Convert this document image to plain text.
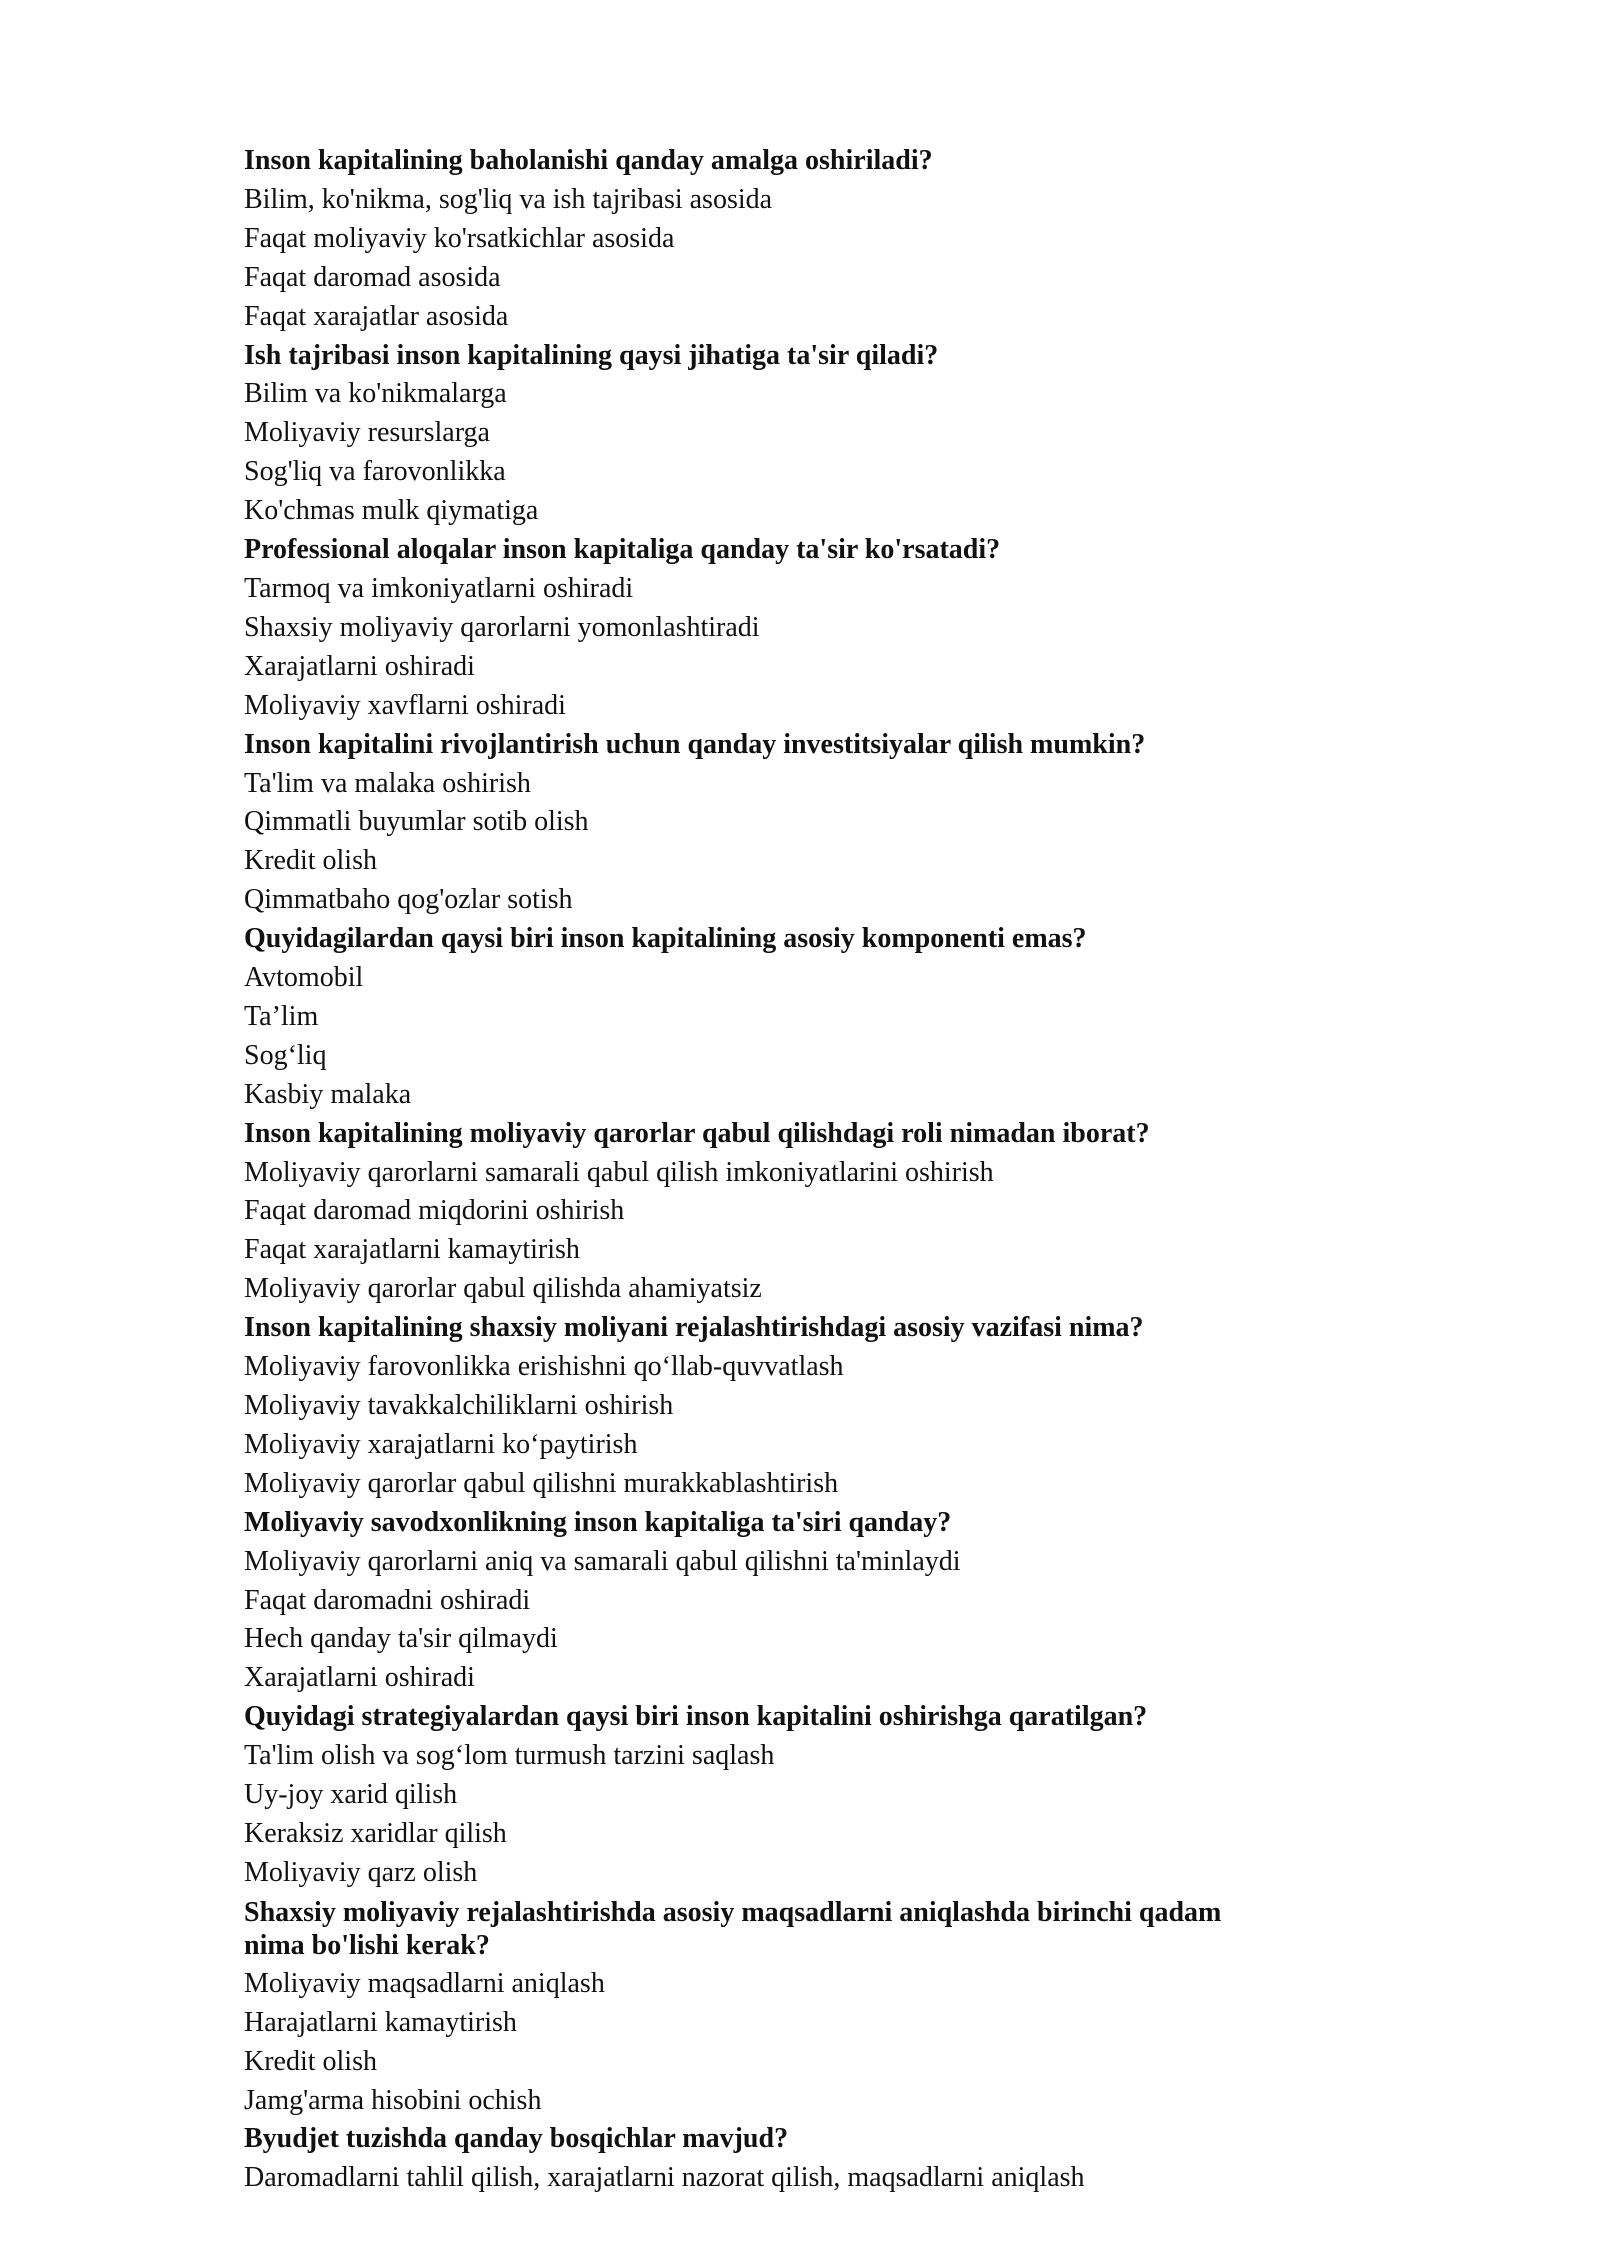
Inson kapitalining baholanishi qanday amalga oshiriladi?

Bilim, ko'nikma, sog'liq va ish tajribasi asosida

Faqat moliyaviy ko'rsatkichlar asosida

Faqat daromad asosida

Faqat xarajatlar asosida

Ish tajribasi inson kapitalining qaysi jihatiga ta'sir qiladi?

Bilim va ko'nikmalarga

Moliyaviy resurslarga

Sog'liq va farovonlikka

Ko'chmas mulk qiymatiga

Professional aloqalar inson kapitaliga qanday ta'sir ko'rsatadi?

Tarmoq va imkoniyatlarni oshiradi

Shaxsiy moliyaviy qarorlarni yomonlashtiradi

Xarajatlarni oshiradi

Moliyaviy xavflarni oshiradi

Inson kapitalini rivojlantirish uchun qanday investitsiyalar qilish mumkin?

Ta'lim va malaka oshirish

Qimmatli buyumlar sotib olish

Kredit olish

Qimmatbaho qog'ozlar sotish

Quyidagilardan qaysi biri inson kapitalining asosiy komponenti emas?

Avtomobil

Ta’lim

Sog‘liq

Kasbiy malaka

Inson kapitalining moliyaviy qarorlar qabul qilishdagi roli nimadan iborat?

Moliyaviy qarorlarni samarali qabul qilish imkoniyatlarini oshirish

Faqat daromad miqdorini oshirish

Faqat xarajatlarni kamaytirish

Moliyaviy qarorlar qabul qilishda ahamiyatsiz

Inson kapitalining shaxsiy moliyani rejalashtirishdagi asosiy vazifasi nima?

Moliyaviy farovonlikka erishishni qo‘llab-quvvatlash

Moliyaviy tavakkalchiliklarni oshirish

Moliyaviy xarajatlarni ko‘paytirish

Moliyaviy qarorlar qabul qilishni murakkablashtirish

Moliyaviy savodxonlikning inson kapitaliga ta'siri qanday?

Moliyaviy qarorlarni aniq va samarali qabul qilishni ta'minlaydi

Faqat daromadni oshiradi

Hech qanday ta'sir qilmaydi

Xarajatlarni oshiradi

Quyidagi strategiyalardan qaysi biri inson kapitalini oshirishga qaratilgan?

Ta'lim olish va sog‘lom turmush tarzini saqlash

Uy-joy xarid qilish

Keraksiz xaridlar qilish

Moliyaviy qarz olish

Shaxsiy moliyaviy rejalashtirishda asosiy maqsadlarni aniqlashda birinchi qadam nima bo'lishi kerak?

Moliyaviy maqsadlarni aniqlash

Harajatlarni kamaytirish

Kredit olish

Jamg'arma hisobini ochish

Byudjet tuzishda qanday bosqichlar mavjud?

Daromadlarni tahlil qilish, xarajatlarni nazorat qilish, maqsadlarni aniqlash
